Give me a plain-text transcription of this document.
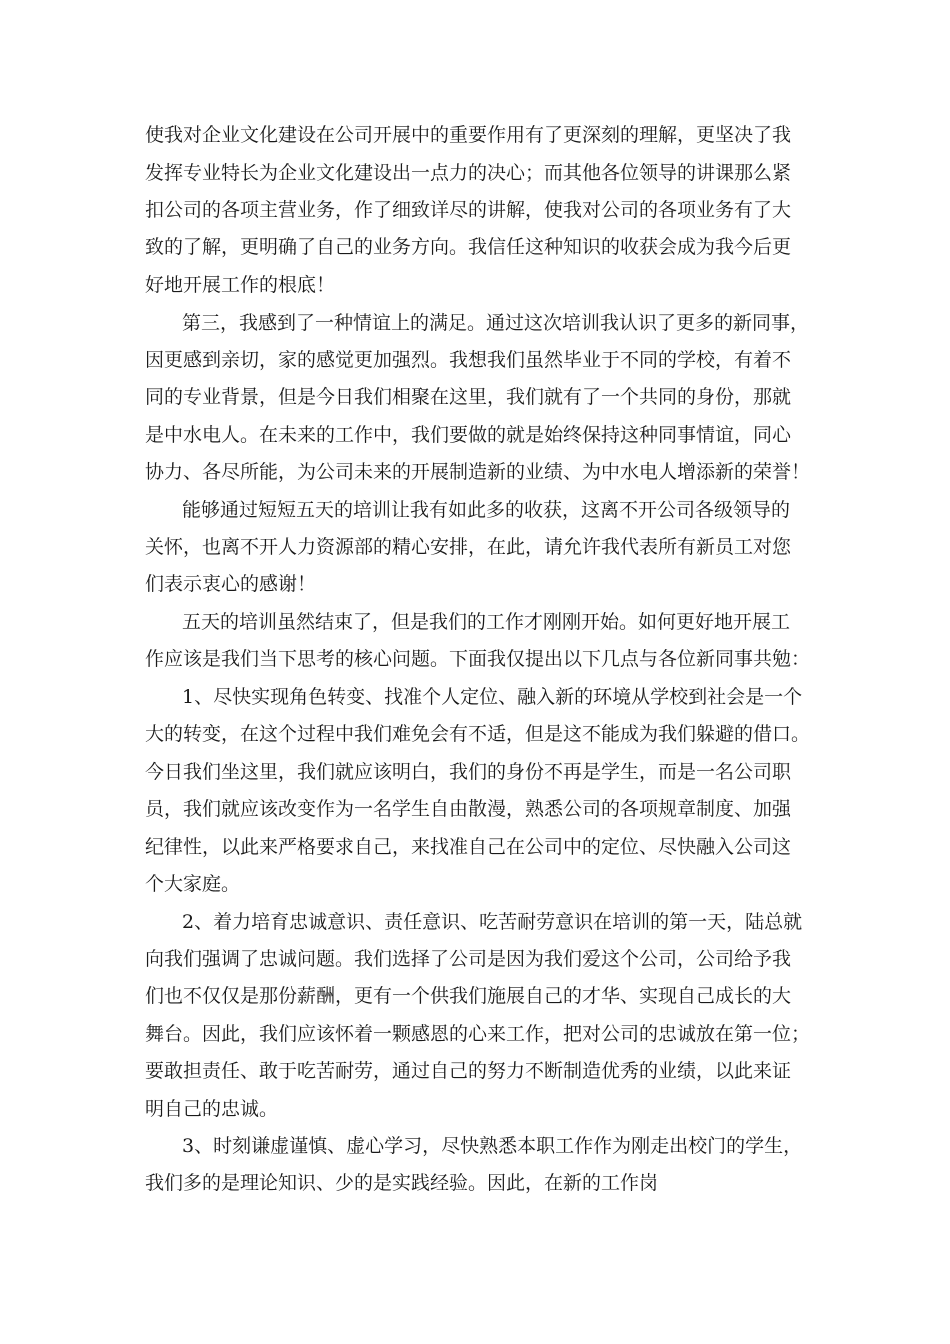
使我对企业文化建设在公司开展中的重要作用有了更深刻的理解，更坚决了我
发挥专业特长为企业文化建设出一点力的决心；而其他各位领导的讲课那么紧
扣公司的各项主营业务，作了细致详尽的讲解，使我对公司的各项业务有了大
致的了解，更明确了自己的业务方向。我信任这种知识的收获会成为我今后更
好地开展工作的根底！
第三，我感到了一种情谊上的满足。通过这次培训我认识了更多的新同事，
因更感到亲切，家的感觉更加强烈。我想我们虽然毕业于不同的学校，有着不
同的专业背景，但是今日我们相聚在这里，我们就有了一个共同的身份，那就
是中水电人。在未来的工作中，我们要做的就是始终保持这种同事情谊，同心
协力、各尽所能，为公司未来的开展制造新的业绩、为中水电人增添新的荣誉！
能够通过短短五天的培训让我有如此多的收获，这离不开公司各级领导的
关怀，也离不开人力资源部的精心安排，在此，请允许我代表所有新员工对您
们表示衷心的感谢！
五天的培训虽然结束了，但是我们的工作才刚刚开始。如何更好地开展工
作应该是我们当下思考的核心问题。下面我仅提出以下几点与各位新同事共勉：
1、尽快实现角色转变、找准个人定位、融入新的环境从学校到社会是一个
大的转变，在这个过程中我们难免会有不适，但是这不能成为我们躲避的借口。
今日我们坐这里，我们就应该明白，我们的身份不再是学生，而是一名公司职
员，我们就应该改变作为一名学生自由散漫，熟悉公司的各项规章制度、加强
纪律性，以此来严格要求自己，来找准自己在公司中的定位、尽快融入公司这
个大家庭。
2、着力培育忠诚意识、责任意识、吃苦耐劳意识在培训的第一天，陆总就
向我们强调了忠诚问题。我们选择了公司是因为我们爱这个公司，公司给予我
们也不仅仅是那份薪酬，更有一个供我们施展自己的才华、实现自己成长的大
舞台。因此，我们应该怀着一颗感恩的心来工作，把对公司的忠诚放在第一位；
要敢担责任、敢于吃苦耐劳，通过自己的努力不断制造优秀的业绩，以此来证
明自己的忠诚。
3、时刻谦虚谨慎、虚心学习，尽快熟悉本职工作作为刚走出校门的学生，
我们多的是理论知识、少的是实践经验。因此，在新的工作岗
